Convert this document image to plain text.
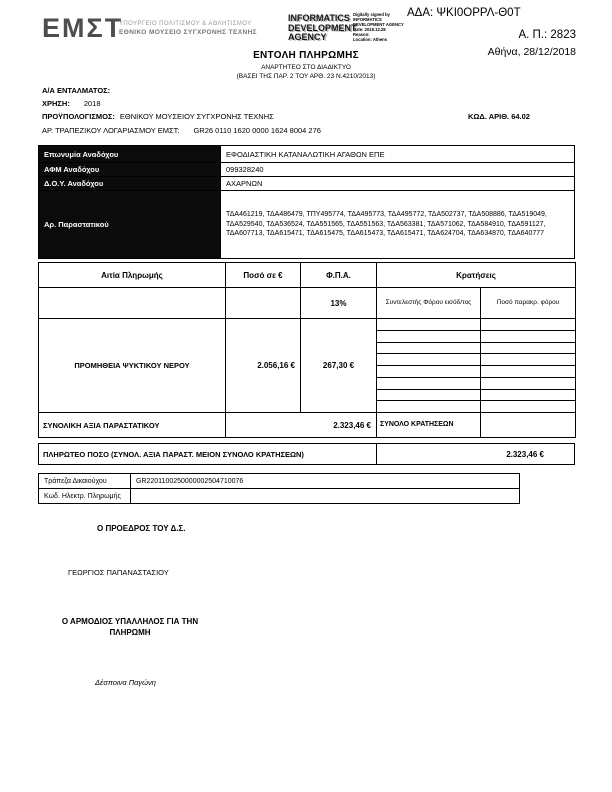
ΕΜΣΤ
ΥΠΟΥΡΓΕΙΟ ΠΟΛΙΤΙΣΜΟΥ & ΑΘΛΗΤΙΣΜΟΥ
ΕΘΝΙΚΟ ΜΟΥΣΕΙΟ ΣΥΓΧΡΟΝΗΣ ΤΕΧΝΗΣ
INFORMATICS DEVELOPMENT AGENCY
Digitally signed by
INFORMATICS
DEVELOPMENT AGENCY
Date: 2018.12.28
Reason:
Location: Athens
ΑΔΑ: ΨΚΙ0ΟΡΡΛ-Θ0Τ
Α. Π.: 2823
Αθήνα, 28/12/2018
ΕΝΤΟΛΗ ΠΛΗΡΩΜΗΣ
ΑΝΑΡΤΗΤΕΟ ΣΤΟ ΔΙΑΔΙΚΤΥΟ
(ΒΑΣΕΙ ΤΗΣ ΠΑΡ. 2 ΤΟΥ ΑΡΘ. 23 Ν.4210/2013)
Α/Α ΕΝΤΑΛΜΑΤΟΣ:
ΧΡΗΣΗ: 2018
ΠΡΟΫΠΟΛΟΓΙΣΜΟΣ: ΕΘΝΙΚΟΥ ΜΟΥΣΕΙΟΥ ΣΥΓΧΡΟΝΗΣ ΤΕΧΝΗΣ	ΚΩΔ. ΑΡΙΘ. 64.02
ΑΡ. ΤΡΑΠΕΖΙΚΟΥ ΛΟΓΑΡΙΑΣΜΟΥ ΕΜΣΤ: GR26 0110 1620 0000 1624 8004 276
Επωνυμία Αναδόχου	ΕΦΟΔΙΑΣΤΙΚΗ ΚΑΤΑΝΑΛΩΤΙΚΗ ΑΓΑΘΩΝ ΕΠΕ
ΑΦΜ Αναδόχου	099328240
Δ.Ο.Υ. Αναδόχου	ΑΧΑΡΝΩΝ
Αρ. Παραστατικού	ΤΔΑ461219, ΤΔΑ486479, ΤΠΥ495774, ΤΔΑ495773, ΤΔΑ495772, ΤΔΑ502737, ΤΔΑ508886, ΤΔΑ519049, ΤΔΑ529540, ΤΔΑ536524, ΤΔΑ551565, ΤΔΑ551563, ΤΔΑ563381, ΤΔΑ571062, ΤΔΑ584910, ΤΔΑ591127, ΤΔΑ607713, ΤΔΑ615471, ΤΔΑ615475, ΤΔΑ615473, ΤΔΑ615471, ΤΔΑ624704, ΤΔΑ634870, ΤΔΑ640777
Αιτία Πληρωμής	Ποσό σε €	Φ.Π.Α.	Κρατήσεις	
		13%	Συντελεστής Φόρου εισόδ/τος	Ποσό παρακρ. φόρου
ΠΡΟΜΗΘΕΙΑ ΨΥΚΤΙΚΟΥ ΝΕΡΟΥ	2.056,16 €	267,30 €		

ΣΥΝΟΛΙΚΗ ΑΞΙΑ ΠΑΡΑΣΤΑΤΙΚΟΥ	2.323,46 €		ΣΥΝΟΛΟ ΚΡΑΤΗΣΕΩΝ	
ΠΛΗΡΩΤΕΟ ΠΟΣΟ (ΣΥΝΟΛ. ΑΞΙΑ ΠΑΡΑΣΤ. ΜΕΙΟΝ ΣΥΝΟΛΟ ΚΡΑΤΗΣΕΩΝ)	2.323,46 €
Τράπεζα Δικαιούχου	GR2201100250000002504710076
Κωδ. Ηλεκτρ. Πληρωμής	
Ο ΠΡΟΕΔΡΟΣ ΤΟΥ Δ.Σ.
ΓΕΩΡΓΙΟΣ ΠΑΠΑΝΑΣΤΑΣΙΟΥ
Ο ΑΡΜΟΔΙΟΣ ΥΠΑΛΛΗΛΟΣ ΓΙΑ ΤΗΝ ΠΛΗΡΩΜΗ
Δέσποινα Παγώνη
